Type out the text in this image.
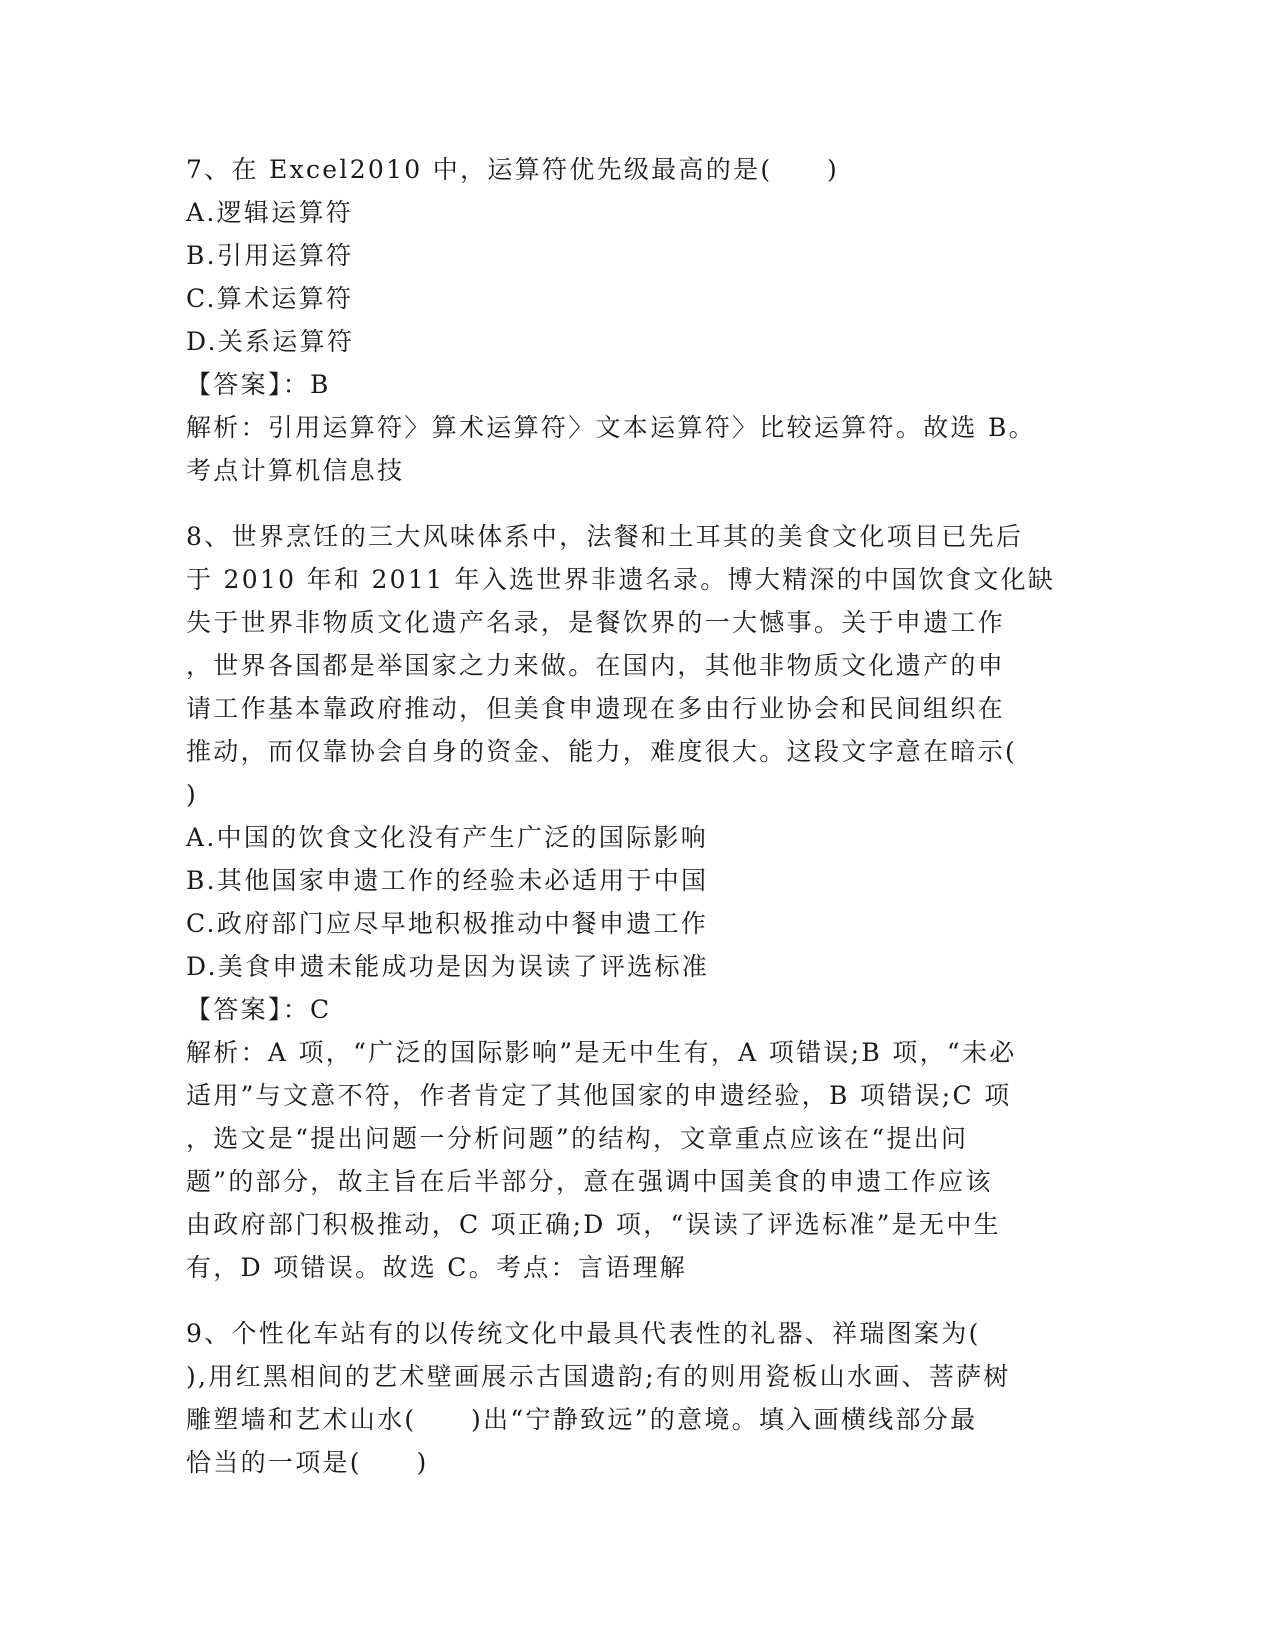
7、在 Excel2010 中，运算符优先级最高的是(　　)
A.逻辑运算符
B.引用运算符
C.算术运算符
D.关系运算符
【答案】：B
解析：引用运算符〉算术运算符〉文本运算符〉比较运算符。故选 B。
考点计算机信息技
8、世界烹饪的三大风味体系中，法餐和土耳其的美食文化项目已先后
于 2010 年和 2011 年入选世界非遗名录。博大精深的中国饮食文化缺
失于世界非物质文化遗产名录，是餐饮界的一大憾事。关于申遗工作
，世界各国都是举国家之力来做。在国内，其他非物质文化遗产的申
请工作基本靠政府推动，但美食申遗现在多由行业协会和民间组织在
推动，而仅靠协会自身的资金、能力，难度很大。这段文字意在暗示(
)
A.中国的饮食文化没有产生广泛的国际影响
B.其他国家申遗工作的经验未必适用于中国
C.政府部门应尽早地积极推动中餐申遗工作
D.美食申遗未能成功是因为误读了评选标准
【答案】：C
解析：A 项，“广泛的国际影响”是无中生有，A 项错误;B 项，“未必
适用”与文意不符，作者肯定了其他国家的申遗经验，B 项错误;C 项
，选文是“提出问题一分析问题”的结构，文章重点应该在“提出问
题”的部分，故主旨在后半部分，意在强调中国美食的申遗工作应该
由政府部门积极推动，C 项正确;D 项，“误读了评选标准”是无中生
有，D 项错误。故选 C。考点：言语理解
9、个性化车站有的以传统文化中最具代表性的礼器、祥瑞图案为(
),用红黑相间的艺术壁画展示古国遗韵;有的则用瓷板山水画、菩萨树
雕塑墙和艺术山水(　　)出“宁静致远”的意境。填入画横线部分最
恰当的一项是(　　)
